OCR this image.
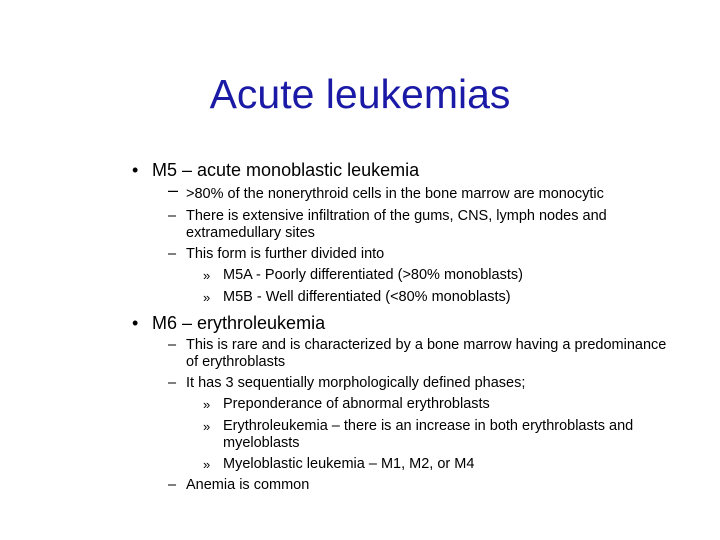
Acute leukemias
• M5 – acute monoblastic leukemia
– >80% of the nonerythroid cells in the bone marrow are monocytic
– There is extensive infiltration of the gums, CNS, lymph nodes and extramedullary sites
– This form is further divided into
» M5A - Poorly differentiated (>80% monoblasts)
» M5B - Well differentiated (<80% monoblasts)
• M6 – erythroleukemia
– This is rare and is characterized by a bone marrow having a predominance of erythroblasts
– It has 3 sequentially morphologically defined phases;
» Preponderance of abnormal erythroblasts
» Erythroleukemia – there is an increase in both erythroblasts and myeloblasts
» Myeloblastic leukemia – M1, M2, or M4
– Anemia is common
